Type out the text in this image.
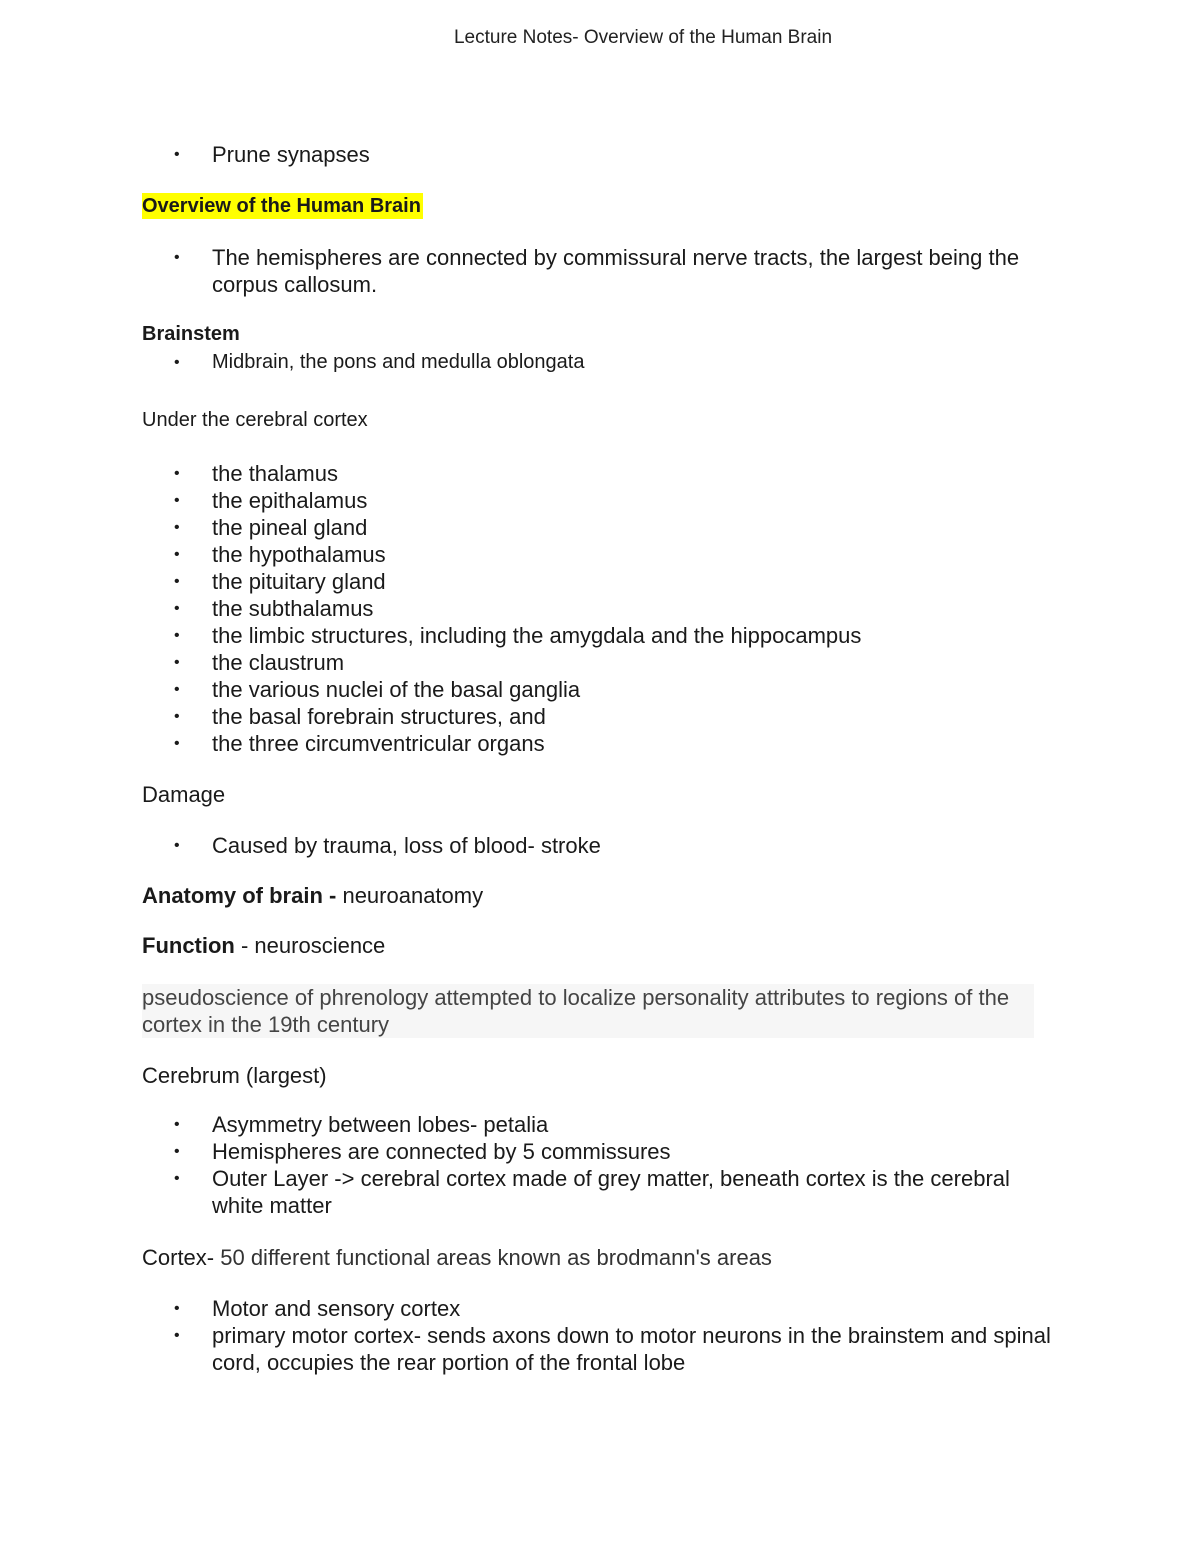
Lecture Notes- Overview of the Human Brain
• Prune synapses
Overview of the Human Brain
• The hemispheres are connected by commissural nerve tracts, the largest being the corpus callosum.
Brainstem
• Midbrain, the pons and medulla oblongata
Under the cerebral cortex
• the thalamus
• the epithalamus
• the pineal gland
• the hypothalamus
• the pituitary gland
• the subthalamus
• the limbic structures, including the amygdala and the hippocampus
• the claustrum
• the various nuclei of the basal ganglia
• the basal forebrain structures, and
• the three circumventricular organs
Damage
• Caused by trauma, loss of blood- stroke
Anatomy of brain - neuroanatomy
Function - neuroscience
pseudoscience of phrenology attempted to localize personality attributes to regions of the cortex in the 19th century
Cerebrum (largest)
• Asymmetry between lobes- petalia
• Hemispheres are connected by 5 commissures
• Outer Layer -> cerebral cortex made of grey matter, beneath cortex is the cerebral white matter
Cortex- 50 different functional areas known as brodmann's areas
• Motor and sensory cortex
• primary motor cortex- sends axons down to motor neurons in the brainstem and spinal cord, occupies the rear portion of the frontal lobe
